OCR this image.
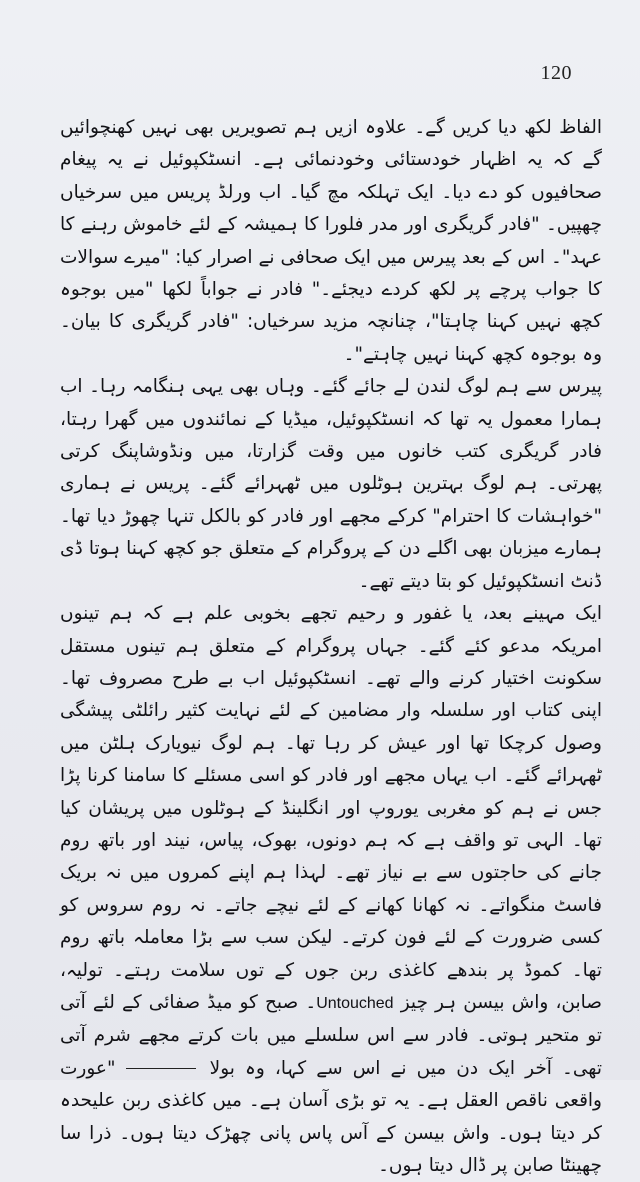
120

الفاظ لکھ دیا کریں گے۔ علاوہ ازیں ہم تصویریں بھی نہیں کھنچوائیں گے کہ یہ اظہار خودستائی وخودنمائی ہے۔ انسٹکپوئیل نے یہ پیغام صحافیوں کو دے دیا۔ ایک تہلکہ مچ گیا۔ اب ورلڈ پریس میں سرخیاں چھپیں۔ "فادر گریگری اور مدر فلورا کا ہمیشہ کے لئے خاموش رہنے کا عہد"۔ اس کے بعد پیرس میں ایک صحافی نے اصرار کیا: "میرے سوالات کا جواب پرچے پر لکھ کردے دیجئے۔" فادر نے جواباً لکھا "میں بوجوہ کچھ نہیں کہنا چاہتا"، چنانچہ مزید سرخیاں: "فادر گریگری کا بیان۔ وہ بوجوہ کچھ کہنا نہیں چاہتے"۔

پیرس سے ہم لوگ لندن لے جائے گئے۔ وہاں بھی یہی ہنگامہ رہا۔ اب ہمارا معمول یہ تھا کہ انسٹکپوئیل، میڈیا کے نمائندوں میں گھرا رہتا، فادر گریگری کتب خانوں میں وقت گزارتا، میں ونڈوشاپنگ کرتی پھرتی۔ ہم لوگ بہترین ہوٹلوں میں ٹھہرائے گئے۔ پریس نے ہماری "خواہشات کا احترام" کرکے مجھے اور فادر کو بالکل تنہا چھوڑ دیا تھا۔ ہمارے میزبان بھی اگلے دن کے پروگرام کے متعلق جو کچھ کہنا ہوتا ڈی ڈنٹ انسٹکپوئیل کو بتا دیتے تھے۔

ایک مہینے بعد، یا غفور و رحیم تجھے بخوبی علم ہے کہ ہم تینوں امریکہ مدعو کئے گئے۔ جہاں پروگرام کے متعلق ہم تینوں مستقل سکونت اختیار کرنے والے تھے۔ انسٹکپوئیل اب بے طرح مصروف تھا۔ اپنی کتاب اور سلسلہ وار مضامین کے لئے نہایت کثیر رائلٹی پیشگی وصول کرچکا تھا اور عیش کر رہا تھا۔ ہم لوگ نیویارک ہلٹن میں ٹھہرائے گئے۔ اب یہاں مجھے اور فادر کو اسی مسئلے کا سامنا کرنا پڑا جس نے ہم کو مغربی یوروپ اور انگلینڈ کے ہوٹلوں میں پریشان کیا تھا۔ الہی تو واقف ہے کہ ہم دونوں، بھوک، پیاس، نیند اور باتھ روم جانے کی حاجتوں سے بے نیاز تھے۔ لہذا ہم اپنے کمروں میں نہ بریک فاسٹ منگواتے۔ نہ کھانا کھانے کے لئے نیچے جاتے۔ نہ روم سروس کو کسی ضرورت کے لئے فون کرتے۔ لیکن سب سے بڑا معاملہ باتھ روم تھا۔ کموڈ پر بندھے کاغذی ربن جوں کے توں سلامت رہتے۔ تولیہ، صابن، واش بیسن ہر چیز Untouched۔ صبح کو میڈ صفائی کے لئے آتی تو متحیر ہوتی۔ فادر سے اس سلسلے میں بات کرتے مجھے شرم آتی تھی۔ آخر ایک دن میں نے اس سے کہا، وہ بولا  "عورت واقعی ناقص العقل ہے۔ یہ تو بڑی آسان ہے۔ میں کاغذی ربن علیحدہ کر دیتا ہوں۔ واش بیسن کے آس پاس پانی چھڑک دیتا ہوں۔ ذرا سا چھینٹا صابن پر ڈال دیتا ہوں۔
